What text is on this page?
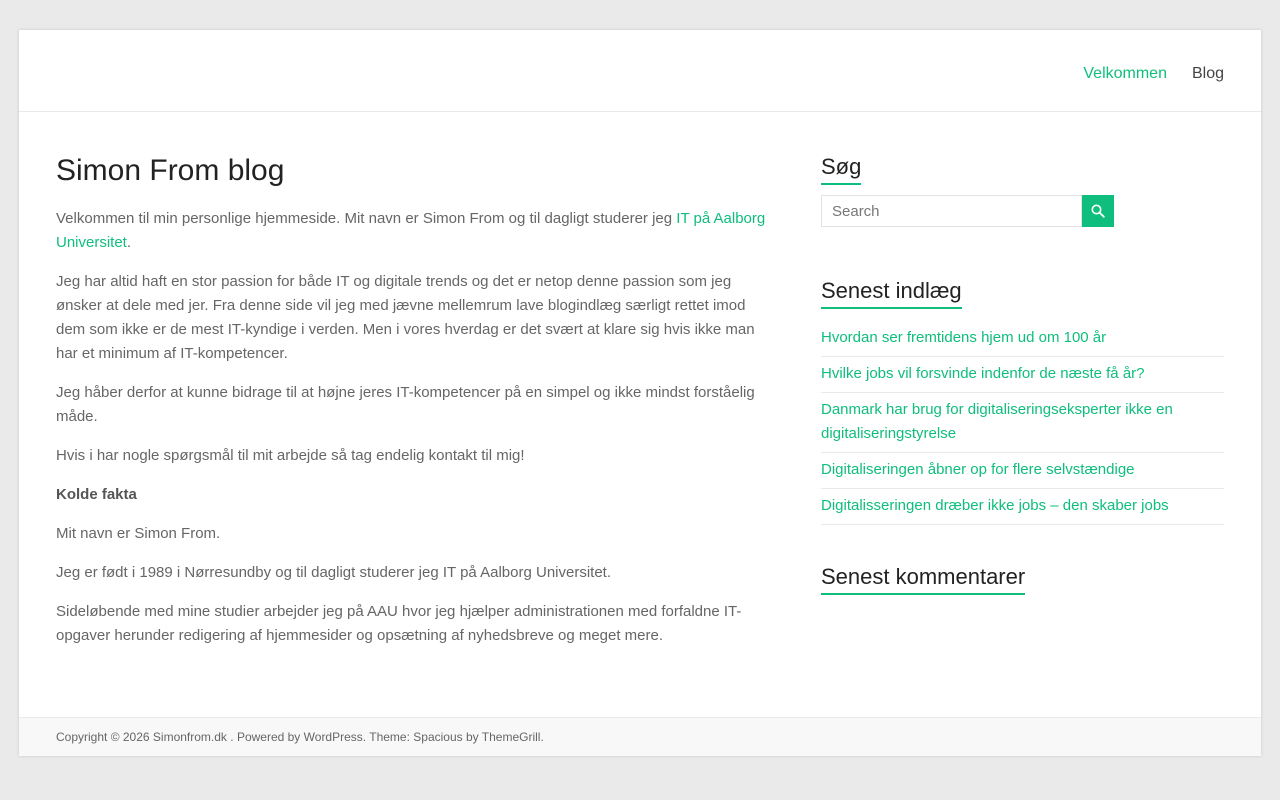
Velkommen Blog
Simon From blog

Velkommen til min personlige hjemmeside. Mit navn er Simon From og til dagligt studerer jeg IT på Aalborg Universitet.

Jeg har altid haft en stor passion for både IT og digitale trends og det er netop denne passion som jeg ønsker at dele med jer. Fra denne side vil jeg med jævne mellemrum lave blogindlæg særligt rettet imod dem som ikke er de mest IT-kyndige i verden. Men i vores hverdag er det svært at klare sig hvis ikke man har et minimum af IT-kompetencer.

Jeg håber derfor at kunne bidrage til at højne jeres IT-kompetencer på en simpel og ikke mindst forståelig måde.

Hvis i har nogle spørgsmål til mit arbejde så tag endelig kontakt til mig!

Kolde fakta

Mit navn er Simon From.

Jeg er født i 1989 i Nørresundby og til dagligt studerer jeg IT på Aalborg Universitet.

Sideløbende med mine studier arbejder jeg på AAU hvor jeg hjælper administrationen med forfaldne IT-opgaver herunder redigering af hjemmesider og opsætning af nyhedsbreve og meget mere.

Søg
Search
Senest indlæg
Hvordan ser fremtidens hjem ud om 100 år
Hvilke jobs vil forsvinde indenfor de næste få år?
Danmark har brug for digitaliseringseksperter ikke en digitaliseringstyrelse
Digitaliseringen åbner op for flere selvstændige
Digitalisseringen dræber ikke jobs – den skaber jobs
Senest kommentarer
Copyright © 2026 Simonfrom.dk . Powered by WordPress. Theme: Spacious by ThemeGrill.
